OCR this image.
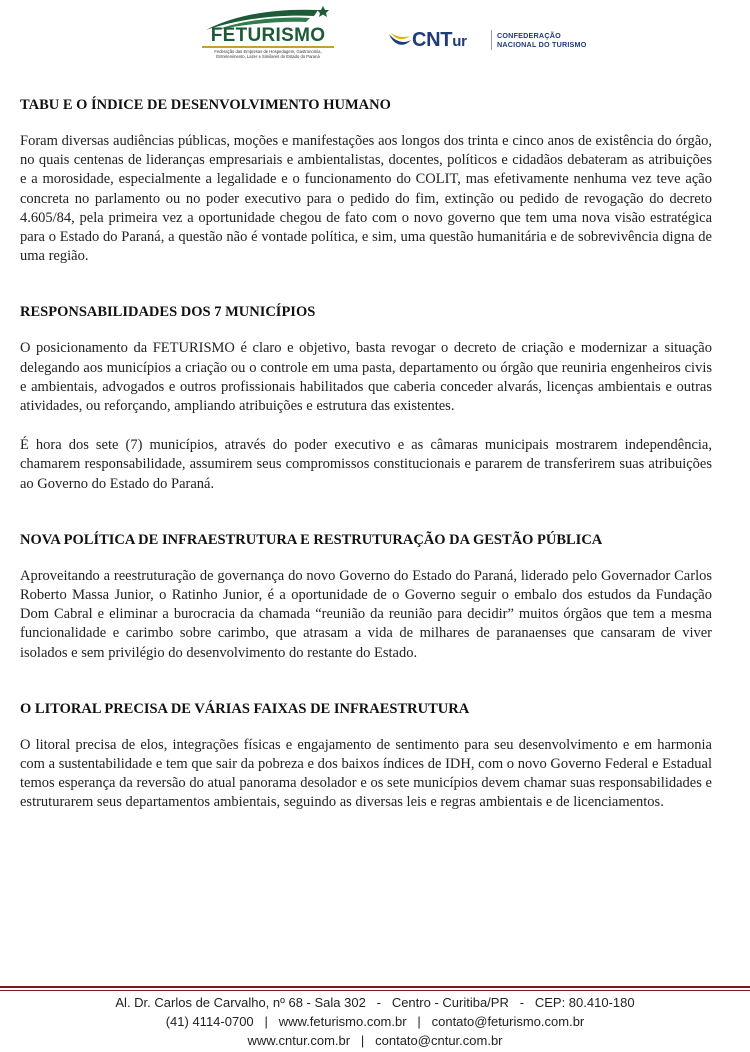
FETURISMO
Federação das Empresas de Hospedagem, Gastronomia, Entretenimento, Lazer e Similares do Estado do Paraná
CNTur	CONFEDERAÇÃO
NACIONAL DO TURISMO
TABU E O ÍNDICE DE DESENVOLVIMENTO HUMANO

Foram diversas audiências públicas, moções e manifestações aos longos dos trinta e cinco anos de existência do órgão, no quais centenas de lideranças empresariais e ambientalistas, docentes, políticos e cidadãos debateram as atribuições e a morosidade, especialmente a legalidade e o funcionamento do COLIT, mas efetivamente nenhuma vez teve ação concreta no parlamento ou no poder executivo para o pedido do fim, extinção ou pedido de revogação do decreto 4.605/84, pela primeira vez a oportunidade chegou de fato com o novo governo que tem uma nova visão estratégica para o Estado do Paraná, a questão não é vontade política, e sim, uma questão humanitária e de sobrevivência digna de uma região.

RESPONSABILIDADES DOS 7 MUNICÍPIOS

O posicionamento da FETURISMO é claro e objetivo, basta revogar o decreto de criação e modernizar a situação delegando aos municípios a criação ou o controle em uma pasta, departamento ou órgão que reuniria engenheiros civis e ambientais, advogados e outros profissionais habilitados que caberia conceder alvarás, licenças ambientais e outras atividades, ou reforçando, ampliando atribuições e estrutura das existentes.

É hora dos sete (7) municípios, através do poder executivo e as câmaras municipais mostrarem independência, chamarem responsabilidade, assumirem seus compromissos constitucionais e pararem de transferirem suas atribuições ao Governo do Estado do Paraná.

NOVA POLÍTICA DE INFRAESTRUTURA E RESTRUTURAÇÃO DA GESTÃO PÚBLICA

Aproveitando a reestruturação de governança do novo Governo do Estado do Paraná, liderado pelo Governador Carlos Roberto Massa Junior, o Ratinho Junior, é a oportunidade de o Governo seguir o embalo dos estudos da Fundação Dom Cabral e eliminar a burocracia da chamada “reunião da reunião para decidir” muitos órgãos que tem a mesma funcionalidade e carimbo sobre carimbo, que atrasam a vida de milhares de paranaenses que cansaram de viver isolados e sem privilégio do desenvolvimento do restante do Estado.

O LITORAL PRECISA DE VÁRIAS FAIXAS DE INFRAESTRUTURA

O litoral precisa de elos, integrações físicas e engajamento de sentimento para seu desenvolvimento e em harmonia com a sustentabilidade e tem que sair da pobreza e dos baixos índices de IDH, com o novo Governo Federal e Estadual temos esperança da reversão do atual panorama desolador e os sete municípios devem chamar suas responsabilidades e estruturarem seus departamentos ambientais, seguindo as diversas leis e regras ambientais e de licenciamentos.

Al. Dr. Carlos de Carvalho, nº 68 - Sala 302   -   Centro - Curitiba/PR   -   CEP: 80.410-180
(41) 4114-0700   |   www.feturismo.com.br   |   contato@feturismo.com.br
www.cntur.com.br   |   contato@cntur.com.br
